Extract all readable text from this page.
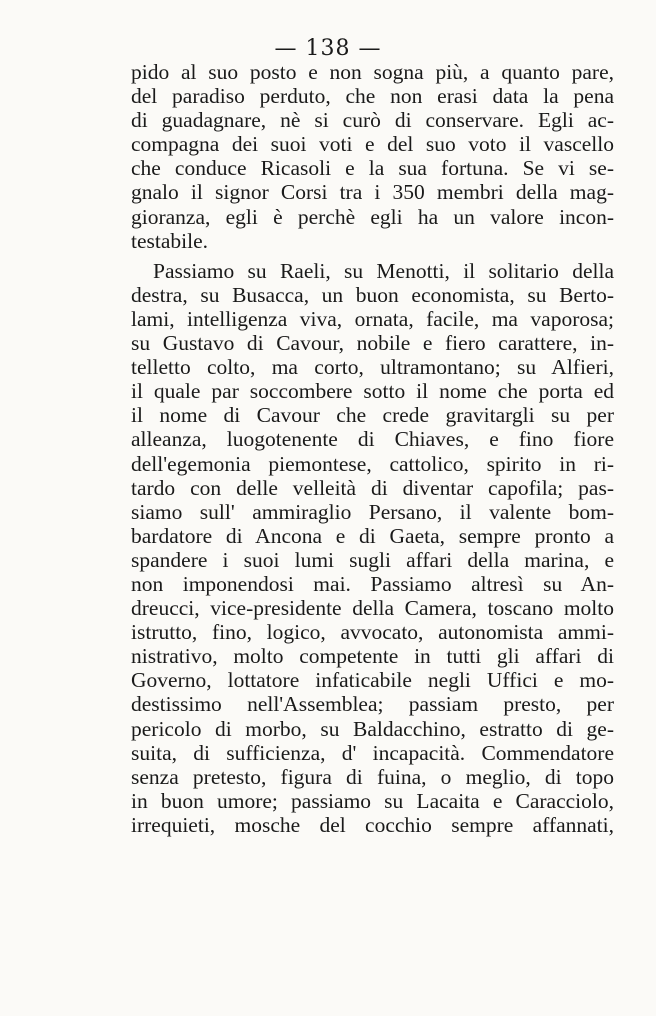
— 138 —
pido al suo posto e non sogna più, a quanto pare,
del paradiso perduto, che non erasi data la pena
di guadagnare, nè si curò di conservare. Egli ac-
compagna dei suoi voti e del suo voto il vascello
che conduce Ricasoli e la sua fortuna. Se vi se-
gnalo il signor Corsi tra i 350 membri della mag-
gioranza, egli è perchè egli ha un valore incon-
testabile.
Passiamo su Raeli, su Menotti, il solitario della
destra, su Busacca, un buon economista, su Berto-
lami, intelligenza viva, ornata, facile, ma vaporosa;
su Gustavo di Cavour, nobile e fiero carattere, in-
telletto colto, ma corto, ultramontano; su Alfieri,
il quale par soccombere sotto il nome che porta ed
il nome di Cavour che crede gravitargli su per
alleanza, luogotenente di Chiaves, e fino fiore
dell'egemonia piemontese, cattolico, spirito in ri-
tardo con delle velleità di diventar capofila; pas-
siamo sull' ammiraglio Persano, il valente bom-
bardatore di Ancona e di Gaeta, sempre pronto a
spandere i suoi lumi sugli affari della marina, e
non imponendosi mai. Passiamo altresì su An-
dreucci, vice-presidente della Camera, toscano molto
istrutto, fino, logico, avvocato, autonomista ammi-
nistrativo, molto competente in tutti gli affari di
Governo, lottatore infaticabile negli Uffici e mo-
destissimo nell'Assemblea; passiam presto, per
pericolo di morbo, su Baldacchino, estratto di ge-
suita, di sufficienza, d' incapacità. Commendatore
senza pretesto, figura di fuina, o meglio, di topo
in buon umore; passiamo su Lacaita e Caracciolo,
irrequieti, mosche del cocchio sempre affannati,
